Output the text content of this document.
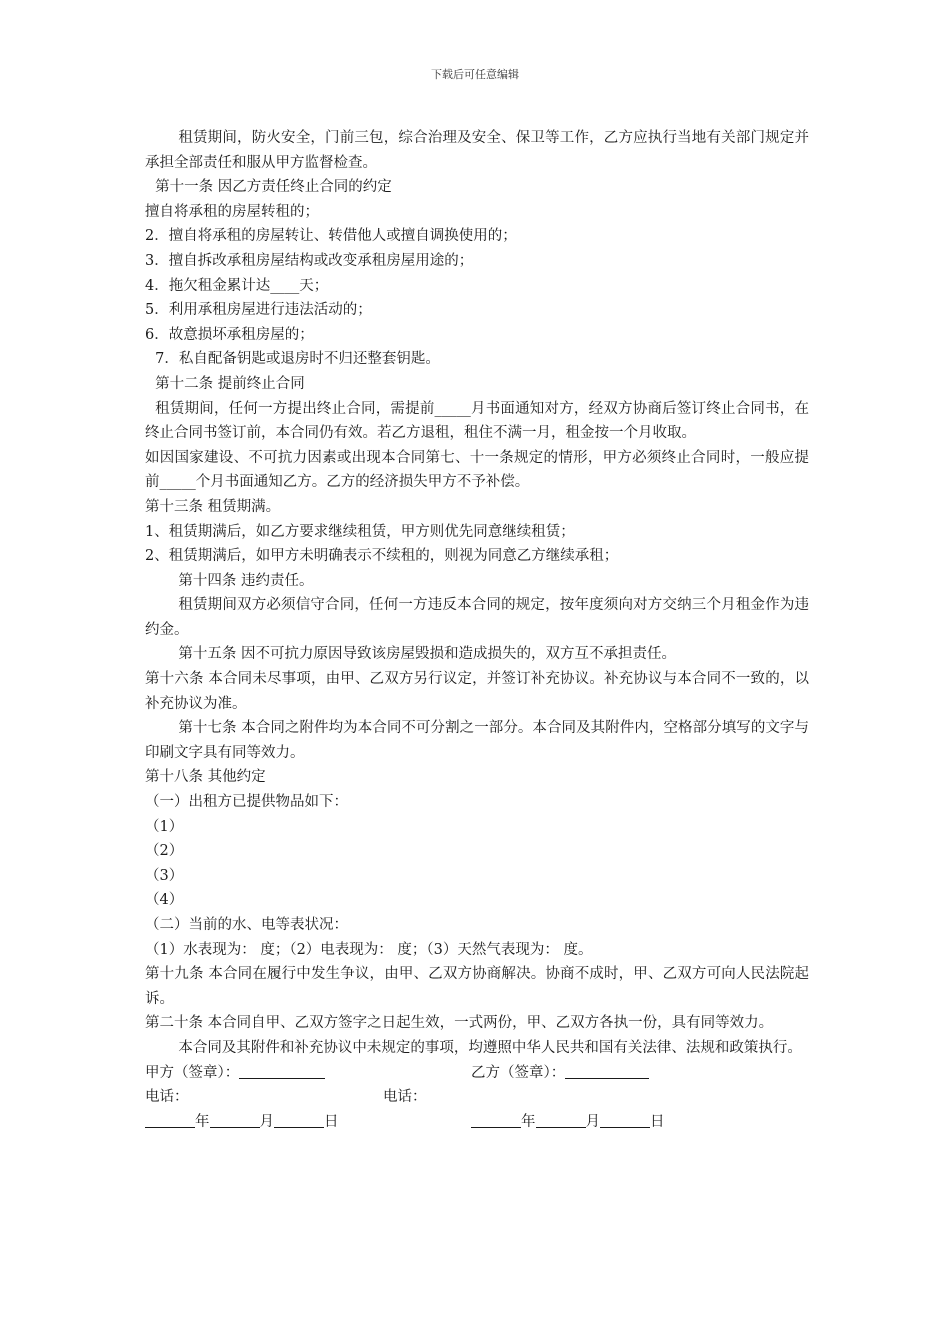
下载后可任意编辑

租赁期间，防火安全，门前三包，综合治理及安全、保卫等工作，乙方应执行当地有关部门规定并承担全部责任和服从甲方监督检查。

第十一条 因乙方责任终止合同的约定

擅自将承租的房屋转租的；

2．擅自将承租的房屋转让、转借他人或擅自调换使用的；

3．擅自拆改承租房屋结构或改变承租房屋用途的；

4．拖欠租金累计达____天；

5．利用承租房屋进行违法活动的；

6．故意损坏承租房屋的；

7．私自配备钥匙或退房时不归还整套钥匙。

第十二条 提前终止合同

租赁期间，任何一方提出终止合同，需提前_____月书面通知对方，经双方协商后签订终止合同书，在终止合同书签订前，本合同仍有效。若乙方退租，租住不满一月，租金按一个月收取。

如因国家建设、不可抗力因素或出现本合同第七、十一条规定的情形，甲方必须终止合同时，一般应提前_____个月书面通知乙方。乙方的经济损失甲方不予补偿。

第十三条 租赁期满。

1、租赁期满后，如乙方要求继续租赁，甲方则优先同意继续租赁；

2、租赁期满后，如甲方未明确表示不续租的，则视为同意乙方继续承租；

第十四条 违约责任。

租赁期间双方必须信守合同，任何一方违反本合同的规定，按年度须向对方交纳三个月租金作为违约金。

第十五条 因不可抗力原因导致该房屋毁损和造成损失的，双方互不承担责任。

第十六条 本合同未尽事项，由甲、乙双方另行议定，并签订补充协议。补充协议与本合同不一致的，以补充协议为准。

第十七条 本合同之附件均为本合同不可分割之一部分。本合同及其附件内，空格部分填写的文字与印刷文字具有同等效力。

第十八条 其他约定

（一）出租方已提供物品如下：

（1）

（2）

（3）

（4）

（二）当前的水、电等表状况：

（1）水表现为： 度；（2）电表现为： 度；（3）天然气表现为： 度。

第十九条 本合同在履行中发生争议，由甲、乙双方协商解决。协商不成时，甲、乙双方可向人民法院起诉。

第二十条 本合同自甲、乙双方签字之日起生效，一式两份，甲、乙双方各执一份，具有同等效力。

本合同及其附件和补充协议中未规定的事项，均遵照中华人民共和国有关法律、法规和政策执行。

甲方（签章）：	乙方（签章）：
电话：	电话：
年	月	日	年	月	日
